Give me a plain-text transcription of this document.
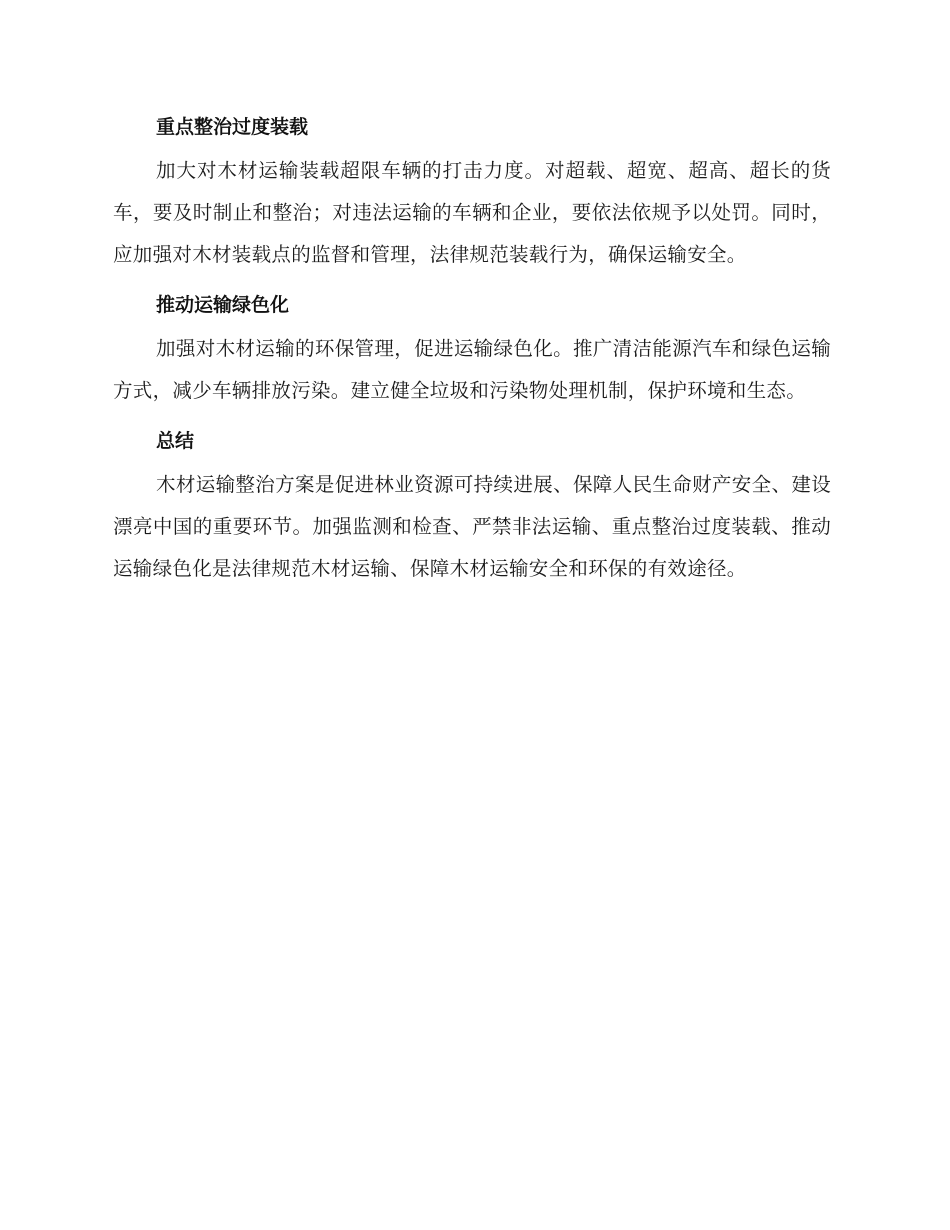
重点整治过度装载

加大对木材运输装载超限车辆的打击力度。对超载、超宽、超高、超长的货车，要及时制止和整治；对违法运输的车辆和企业，要依法依规予以处罚。同时，应加强对木材装载点的监督和管理，法律规范装载行为，确保运输安全。

推动运输绿色化

加强对木材运输的环保管理，促进运输绿色化。推广清洁能源汽车和绿色运输方式，减少车辆排放污染。建立健全垃圾和污染物处理机制，保护环境和生态。

总结

木材运输整治方案是促进林业资源可持续进展、保障人民生命财产安全、建设漂亮中国的重要环节。加强监测和检查、严禁非法运输、重点整治过度装载、推动运输绿色化是法律规范木材运输、保障木材运输安全和环保的有效途径。
